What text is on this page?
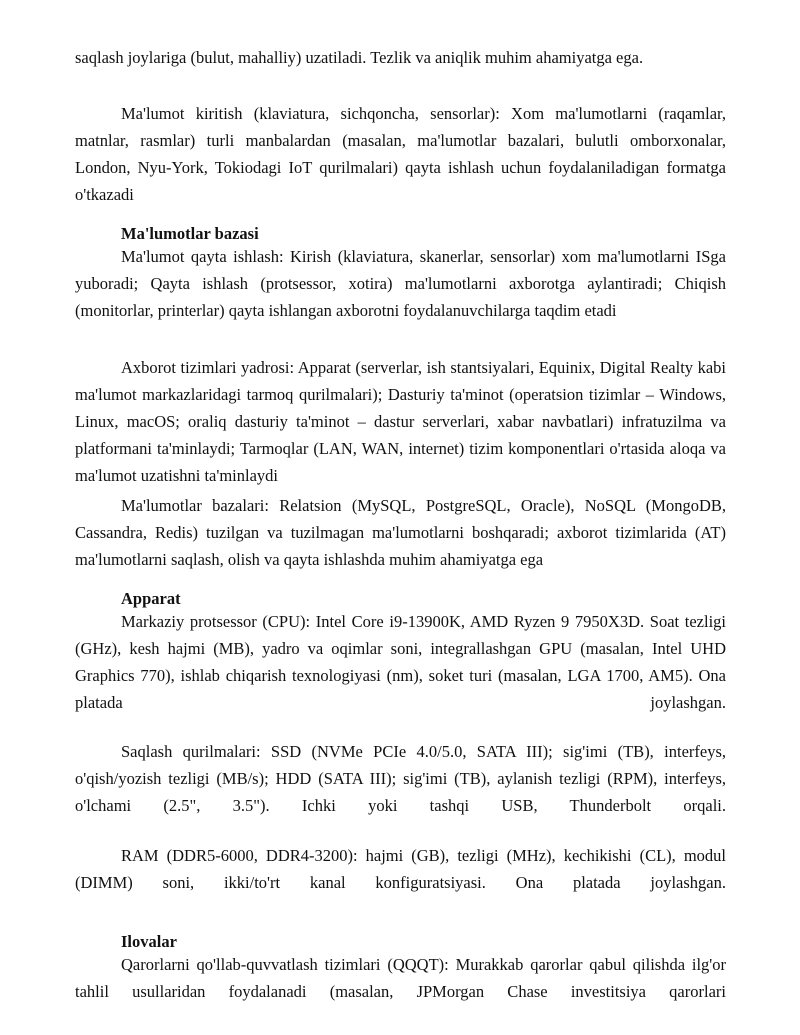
saqlash joylariga (bulut, mahalliy) uzatiladi. Tezlik va aniqlik muhim ahamiyatga ega.

Ma'lumot kiritish (klaviatura, sichqoncha, sensorlar): Xom ma'lumotlarni (raqamlar, matnlar, rasmlar) turli manbalardan (masalan, ma'lumotlar bazalari, bulutli omborxonalar, London, Nyu-York, Tokiodagi IoT qurilmalari) qayta ishlash uchun foydalaniladigan formatga o'tkazadi

Ma'lumotlar bazasi

Ma'lumot qayta ishlash: Kirish (klaviatura, skanerlar, sensorlar) xom ma'lumotlarni ISga yuboradi; Qayta ishlash (protsessor, xotira) ma'lumotlarni axborotga aylantiradi; Chiqish (monitorlar, printerlar) qayta ishlangan axborotni foydalanuvchilarga taqdim etadi

Axborot tizimlari yadrosi: Apparat (serverlar, ish stantsiyalari, Equinix, Digital Realty kabi ma'lumot markazlaridagi tarmoq qurilmalari); Dasturiy ta'minot (operatsion tizimlar – Windows, Linux, macOS; oraliq dasturiy ta'minot – dastur serverlari, xabar navbatlari) infratuzilma va platformani ta'minlaydi; Tarmoqlar (LAN, WAN, internet) tizim komponentlari o'rtasida aloqa va ma'lumot uzatishni ta'minlaydi

Ma'lumotlar bazalari: Relatsion (MySQL, PostgreSQL, Oracle), NoSQL (MongoDB, Cassandra, Redis) tuzilgan va tuzilmagan ma'lumotlarni boshqaradi; axborot tizimlarida (AT) ma'lumotlarni saqlash, olish va qayta ishlashda muhim ahamiyatga ega

Apparat

Markaziy protsessor (CPU): Intel Core i9-13900K, AMD Ryzen 9 7950X3D. Soat tezligi (GHz), kesh hajmi (MB), yadro va oqimlar soni, integrallashgan GPU (masalan, Intel UHD Graphics 770), ishlab chiqarish texnologiyasi (nm), soket turi (masalan, LGA 1700, AM5). Ona platada joylashgan.

Saqlash qurilmalari: SSD (NVMe PCIe 4.0/5.0, SATA III); sig'imi (TB), interfeys, o'qish/yozish tezligi (MB/s); HDD (SATA III); sig'imi (TB), aylanish tezligi (RPM), interfeys, o'lchami (2.5", 3.5"). Ichki yoki tashqi USB, Thunderbolt orqali.

RAM (DDR5-6000, DDR4-3200): hajmi (GB), tezligi (MHz), kechikishi (CL), modul (DIMM) soni, ikki/to'rt kanal konfiguratsiyasi. Ona platada joylashgan.

Ilovalar

Qarorlarni qo'llab-quvvatlash tizimlari (QQQT): Murakkab qarorlar qabul qilishda ilg'or tahlil usullaridan foydalanadi (masalan, JPMorgan Chase investitsiya qarorlari
